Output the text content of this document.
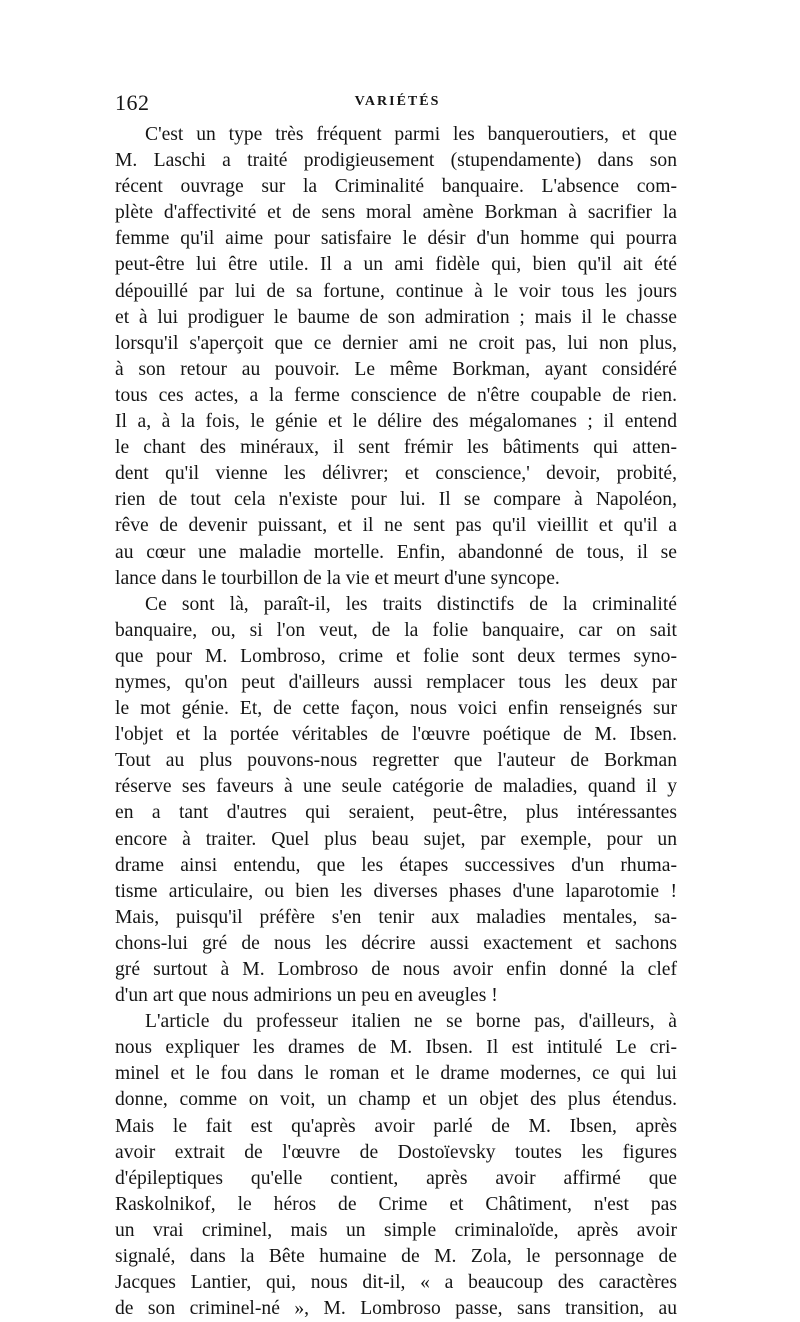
162	VARIÉTÉS
C'est un type très fréquent parmi les banqueroutiers, et que
M. Laschi a traité prodigieusement (stupendamente) dans son
récent ouvrage sur la Criminalité banquaire. L'absence com-
plète d'affectivité et de sens moral amène Borkman à sacrifier la
femme qu'il aime pour satisfaire le désir d'un homme qui pourra
peut-être lui être utile. Il a un ami fidèle qui, bien qu'il ait été
dépouillé par lui de sa fortune, continue à le voir tous les jours
et à lui prodiguer le baume de son admiration ; mais il le chasse
lorsqu'il s'aperçoit que ce dernier ami ne croit pas, lui non plus,
à son retour au pouvoir. Le même Borkman, ayant considéré
tous ces actes, a la ferme conscience de n'être coupable de rien.
Il a, à la fois, le génie et le délire des mégalomanes ; il entend
le chant des minéraux, il sent frémir les bâtiments qui atten-
dent qu'il vienne les délivrer; et conscience,' devoir, probité,
rien de tout cela n'existe pour lui. Il se compare à Napoléon,
rêve de devenir puissant, et il ne sent pas qu'il vieillit et qu'il a
au cœur une maladie mortelle. Enfin, abandonné de tous, il se
lance dans le tourbillon de la vie et meurt d'une syncope.
Ce sont là, paraît-il, les traits distinctifs de la criminalité
banquaire, ou, si l'on veut, de la folie banquaire, car on sait
que pour M. Lombroso, crime et folie sont deux termes syno-
nymes, qu'on peut d'ailleurs aussi remplacer tous les deux par
le mot génie. Et, de cette façon, nous voici enfin renseignés sur
l'objet et la portée véritables de l'œuvre poétique de M. Ibsen.
Tout au plus pouvons-nous regretter que l'auteur de Borkman
réserve ses faveurs à une seule catégorie de maladies, quand il y
en a tant d'autres qui seraient, peut-être, plus intéressantes
encore à traiter. Quel plus beau sujet, par exemple, pour un
drame ainsi entendu, que les étapes successives d'un rhuma-
tisme articulaire, ou bien les diverses phases d'une laparotomie !
Mais, puisqu'il préfère s'en tenir aux maladies mentales, sa-
chons-lui gré de nous les décrire aussi exactement et sachons
gré surtout à M. Lombroso de nous avoir enfin donné la clef
d'un art que nous admirions un peu en aveugles !
L'article du professeur italien ne se borne pas, d'ailleurs, à
nous expliquer les drames de M. Ibsen. Il est intitulé Le cri-
minel et le fou dans le roman et le drame modernes, ce qui lui
donne, comme on voit, un champ et un objet des plus étendus.
Mais le fait est qu'après avoir parlé de M. Ibsen, après
avoir extrait de l'œuvre de Dostoïevsky toutes les figures
d'épileptiques qu'elle contient, après avoir affirmé que
Raskolnikof, le héros de Crime et Châtiment, n'est pas
un vrai criminel, mais un simple criminaloïde, après avoir
signalé, dans la Bête humaine de M. Zola, le personnage de
Jacques Lantier, qui, nous dit-il, « a beaucoup des caractères
de son criminel-né », M. Lombroso passe, sans transition, au
